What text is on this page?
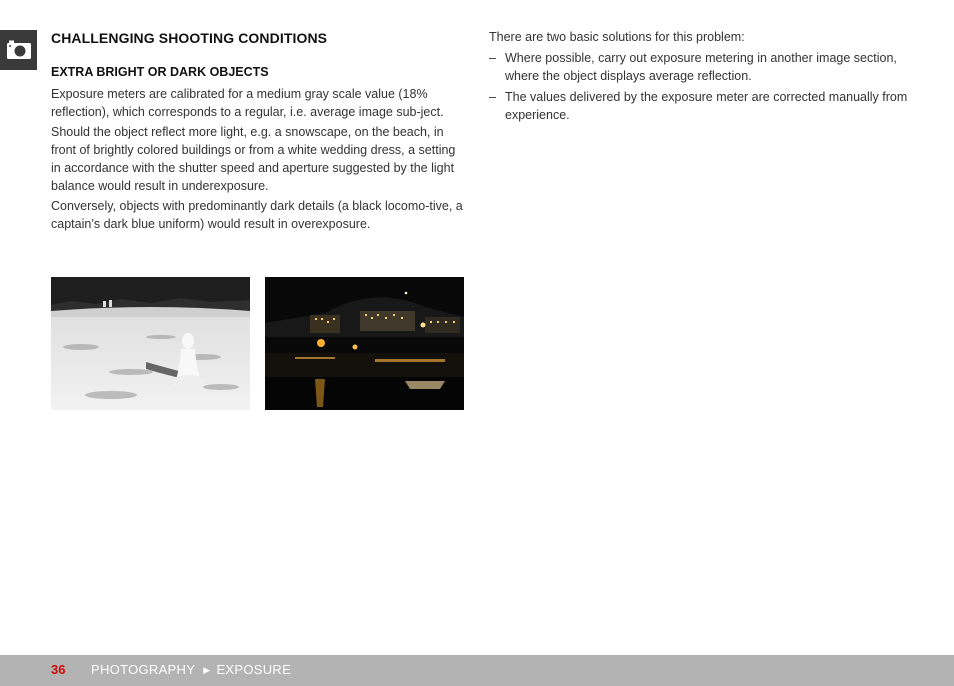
CHALLENGING SHOOTING CONDITIONS
EXTRA BRIGHT OR DARK OBJECTS

Exposure meters are calibrated for a medium gray scale value (18% reflection), which corresponds to a regular, i.e. average image sub-ject.

Should the object reflect more light, e.g. a snowscape, on the beach, in front of brightly colored buildings or from a white wedding dress, a setting in accordance with the shutter speed and aperture suggested by the light balance would result in underexposure.

Conversely, objects with predominantly dark details (a black locomo-tive, a captain’s dark blue uniform) would result in overexposure.

There are two basic solutions for this problem:

– Where possible, carry out exposure metering in another image section, where the object displays average reflection.
– The values delivered by the exposure meter are corrected manually from experience.
36 PHOTOGRAPHY ▶ EXPOSURE
